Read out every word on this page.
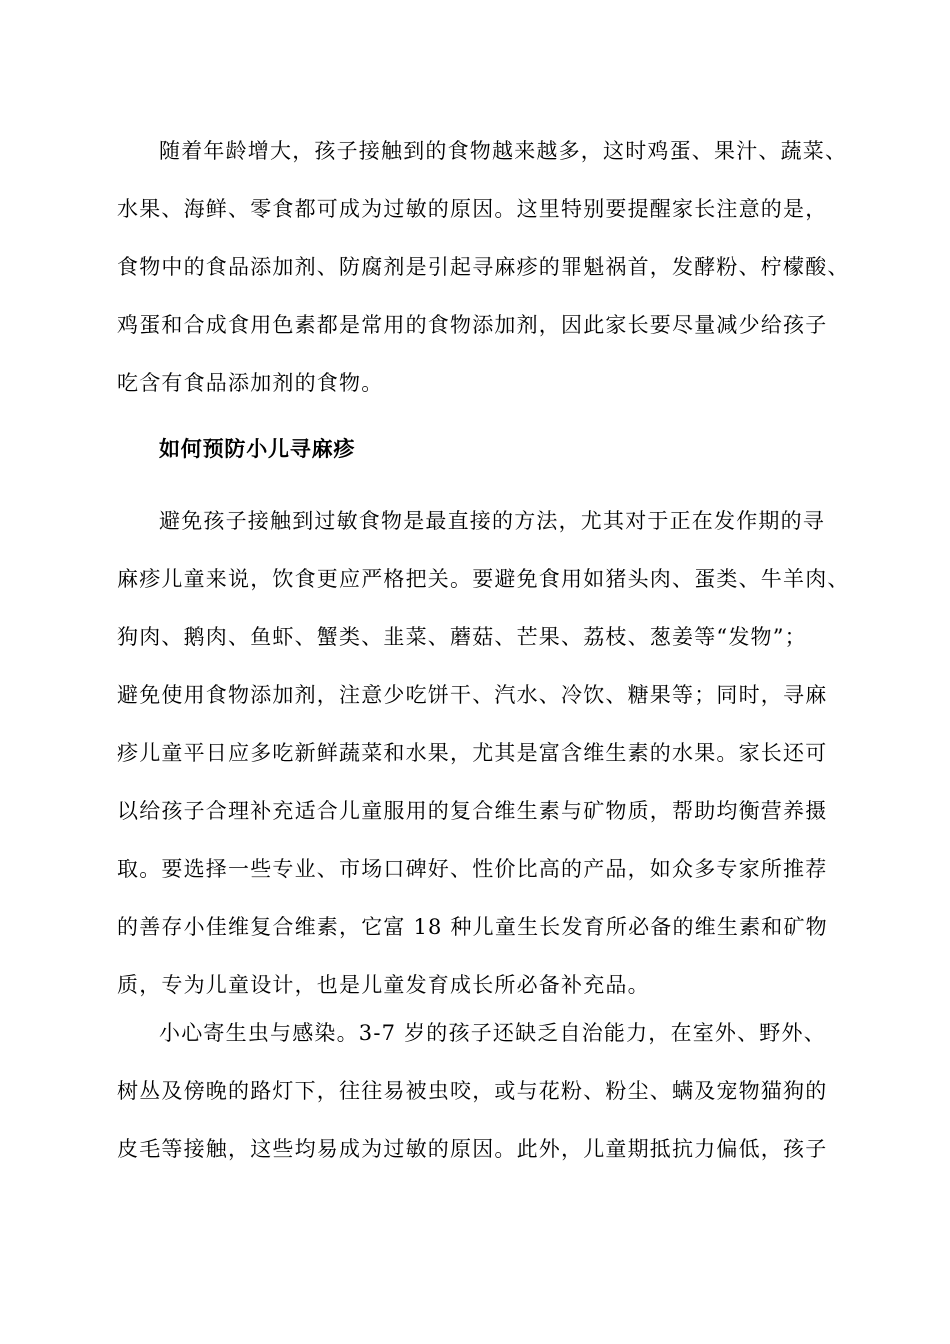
随着年龄增大，孩子接触到的食物越来越多，这时鸡蛋、果汁、蔬菜、
水果、海鲜、零食都可成为过敏的原因。这里特别要提醒家长注意的是，
食物中的食品添加剂、防腐剂是引起寻麻疹的罪魁祸首，发酵粉、柠檬酸、
鸡蛋和合成食用色素都是常用的食物添加剂，因此家长要尽量减少给孩子
吃含有食品添加剂的食物。

如何预防小儿寻麻疹

避免孩子接触到过敏食物是最直接的方法，尤其对于正在发作期的寻
麻疹儿童来说，饮食更应严格把关。要避免食用如猪头肉、蛋类、牛羊肉、
狗肉、鹅肉、鱼虾、蟹类、韭菜、蘑菇、芒果、荔枝、葱姜等“发物”；
避免使用食物添加剂，注意少吃饼干、汽水、冷饮、糖果等；同时，寻麻
疹儿童平日应多吃新鲜蔬菜和水果，尤其是富含维生素的水果。家长还可
以给孩子合理补充适合儿童服用的复合维生素与矿物质，帮助均衡营养摄
取。要选择一些专业、市场口碑好、性价比高的产品，如众多专家所推荐
的善存小佳维复合维素，它富 18 种儿童生长发育所必备的维生素和矿物
质，专为儿童设计，也是儿童发育成长所必备补充品。

小心寄生虫与感染。3-7 岁的孩子还缺乏自治能力，在室外、野外、
树丛及傍晚的路灯下，往往易被虫咬，或与花粉、粉尘、螨及宠物猫狗的
皮毛等接触，这些均易成为过敏的原因。此外，儿童期抵抗力偏低，孩子
